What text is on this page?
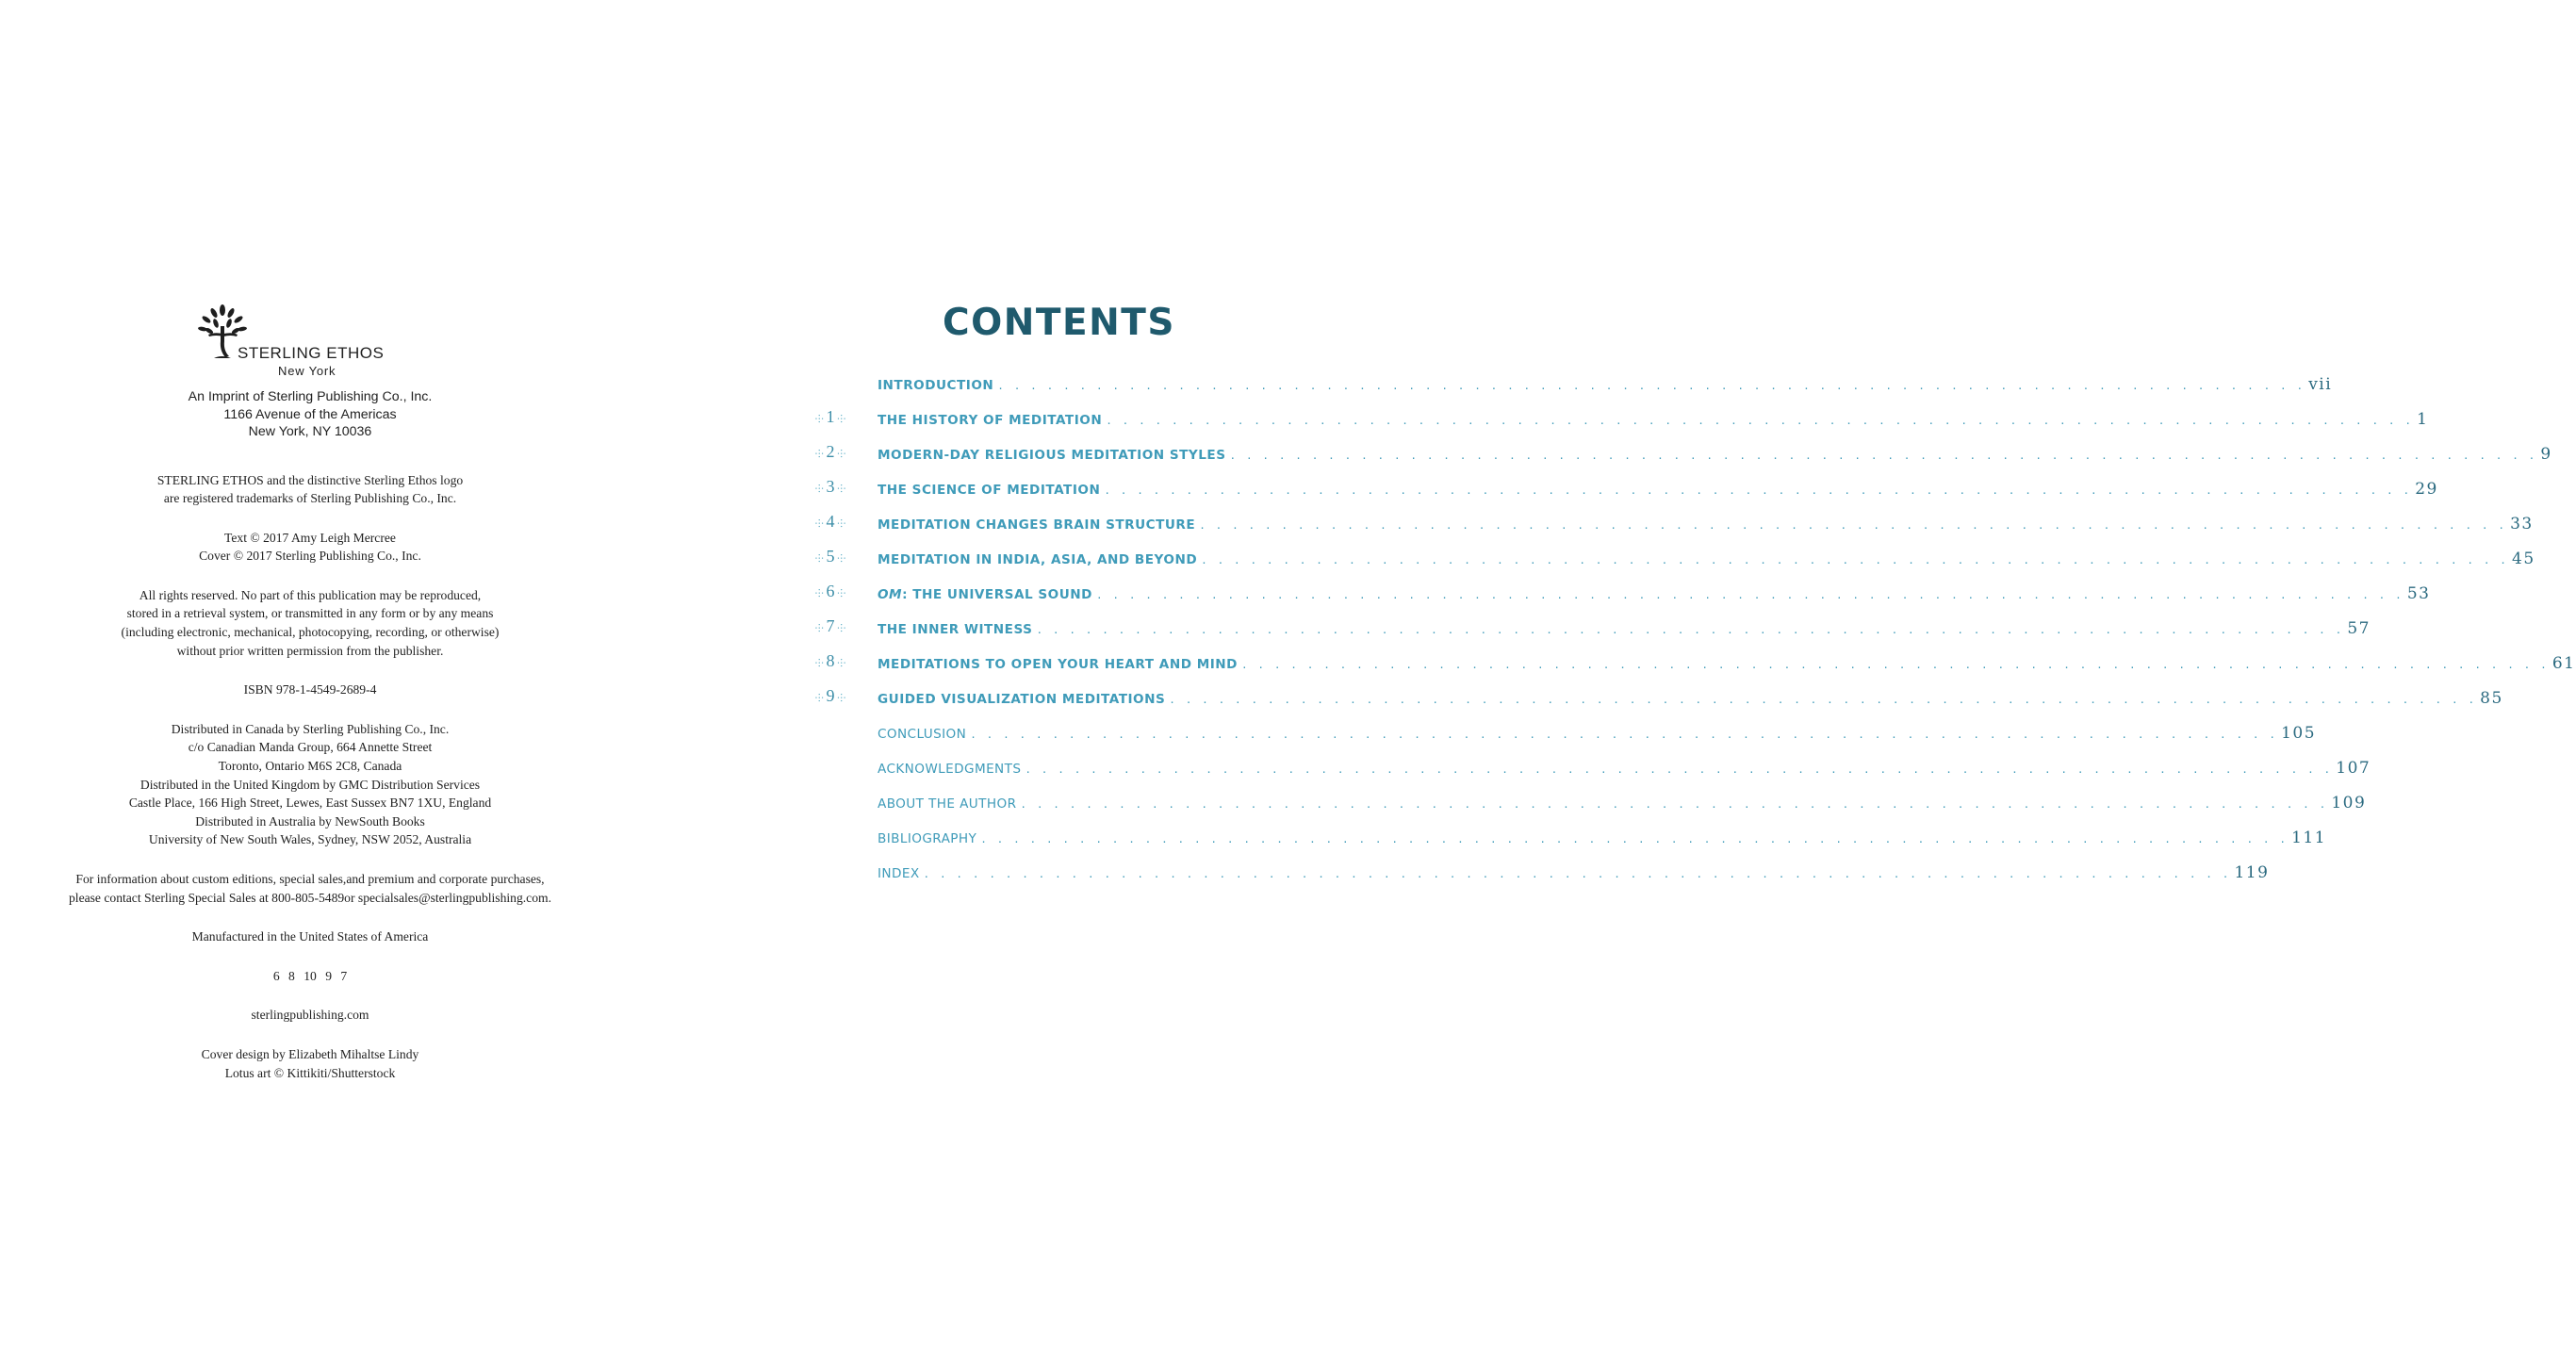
STERLING ETHOS
New York
An Imprint of Sterling Publishing Co., Inc.
1166 Avenue of the Americas
New York, NY 10036
STERLING ETHOS and the distinctive Sterling Ethos logo
are registered trademarks of Sterling Publishing Co., Inc.
Text © 2017 Amy Leigh Mercree
Cover © 2017 Sterling Publishing Co., Inc.
All rights reserved. No part of this publication may be reproduced,
stored in a retrieval system, or transmitted in any form or by any means
(including electronic, mechanical, photocopying, recording, or otherwise)
without prior written permission from the publisher.
ISBN 978-1-4549-2689-4
Distributed in Canada by Sterling Publishing Co., Inc.
c/o Canadian Manda Group, 664 Annette Street
Toronto, Ontario M6S 2C8, Canada
Distributed in the United Kingdom by GMC Distribution Services
Castle Place, 166 High Street, Lewes, East Sussex BN7 1XU, England
Distributed in Australia by NewSouth Books
University of New South Wales, Sydney, NSW 2052, Australia
For information about custom editions, special sales,and premium and corporate purchases,
please contact Sterling Special Sales at 800-805-5489or specialsales@sterlingpublishing.com.
Manufactured in the United States of America
6 8 10 9 7
sterlingpublishing.com
Cover design by Elizabeth Mihaltse Lindy
Lotus art © Kittikiti/Shutterstock
CONTENTS
INTRODUCTION . . . . . . . . . . . . . . . . . . . . . . . . . . . . . . . . . . . . . . . . . . . . . . . . . . . . . . . . . . . . . . . . . . . . . . . . . . . . . . . . vii
⸭ 1 ⸭	THE HISTORY OF MEDITATION . . . . . . . . . . . . . . . . . . . . . . . . . . . . . . . . . . . . . . . . . . . . . . . . . . . . . . . . . . . . . . . . . . . . . . . . . . . . . . . . 1
⸭ 2 ⸭	MODERN-DAY RELIGIOUS MEDITATION STYLES . . . . . . . . . . . . . . . . . . . . . . . . . . . . . . . . . . . . . . . . . . . . . . . . . . . . . . . . . . . . . . . . . . . . . . . . . . . . . . . . 9
⸭ 3 ⸭	THE SCIENCE OF MEDITATION . . . . . . . . . . . . . . . . . . . . . . . . . . . . . . . . . . . . . . . . . . . . . . . . . . . . . . . . . . . . . . . . . . . . . . . . . . . . . . . . 29
⸭ 4 ⸭	MEDITATION CHANGES BRAIN STRUCTURE . . . . . . . . . . . . . . . . . . . . . . . . . . . . . . . . . . . . . . . . . . . . . . . . . . . . . . . . . . . . . . . . . . . . . . . . . . . . . . . . 33
⸭ 5 ⸭	MEDITATION IN INDIA, ASIA, AND BEYOND . . . . . . . . . . . . . . . . . . . . . . . . . . . . . . . . . . . . . . . . . . . . . . . . . . . . . . . . . . . . . . . . . . . . . . . . . . . . . . . . 45
⸭ 6 ⸭	OM: THE UNIVERSAL SOUND . . . . . . . . . . . . . . . . . . . . . . . . . . . . . . . . . . . . . . . . . . . . . . . . . . . . . . . . . . . . . . . . . . . . . . . . . . . . . . . . 53
⸭ 7 ⸭	THE INNER WITNESS . . . . . . . . . . . . . . . . . . . . . . . . . . . . . . . . . . . . . . . . . . . . . . . . . . . . . . . . . . . . . . . . . . . . . . . . . . . . . . . . 57
⸭ 8 ⸭	MEDITATIONS TO OPEN YOUR HEART AND MIND . . . . . . . . . . . . . . . . . . . . . . . . . . . . . . . . . . . . . . . . . . . . . . . . . . . . . . . . . . . . . . . . . . . . . . . . . . . . . . . . 61
⸭ 9 ⸭	GUIDED VISUALIZATION MEDITATIONS . . . . . . . . . . . . . . . . . . . . . . . . . . . . . . . . . . . . . . . . . . . . . . . . . . . . . . . . . . . . . . . . . . . . . . . . . . . . . . . . 85
CONCLUSION . . . . . . . . . . . . . . . . . . . . . . . . . . . . . . . . . . . . . . . . . . . . . . . . . . . . . . . . . . . . . . . . . . . . . . . . . . . . . . . . 105
ACKNOWLEDGMENTS . . . . . . . . . . . . . . . . . . . . . . . . . . . . . . . . . . . . . . . . . . . . . . . . . . . . . . . . . . . . . . . . . . . . . . . . . . . . . . . . 107
ABOUT THE AUTHOR . . . . . . . . . . . . . . . . . . . . . . . . . . . . . . . . . . . . . . . . . . . . . . . . . . . . . . . . . . . . . . . . . . . . . . . . . . . . . . . . 109
BIBLIOGRAPHY . . . . . . . . . . . . . . . . . . . . . . . . . . . . . . . . . . . . . . . . . . . . . . . . . . . . . . . . . . . . . . . . . . . . . . . . . . . . . . . . 111
INDEX . . . . . . . . . . . . . . . . . . . . . . . . . . . . . . . . . . . . . . . . . . . . . . . . . . . . . . . . . . . . . . . . . . . . . . . . . . . . . . . . 119
